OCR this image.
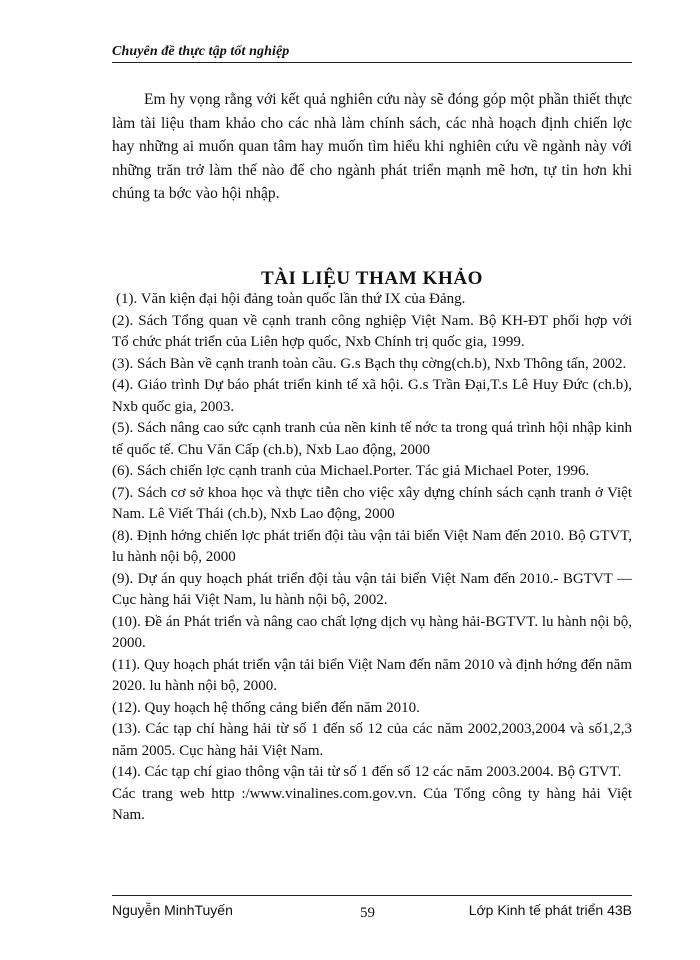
Chuyên đề thực tập tốt nghiệp

Em hy vọng rằng với kết quả nghiên cứu này sẽ đóng góp một phần thiết thực làm tài liệu tham khảo cho các nhà làm chính sách, các nhà hoạch định chiến lợc hay những ai muốn quan tâm hay muốn tìm hiểu khi nghiên cứu về ngành này với những trăn trở làm thế nào để cho ngành phát triển mạnh mẽ hơn, tự tin hơn khi chúng ta bớc vào hội nhập.

TÀI LIỆU THAM KHẢO
(1). Văn kiện đại hội đảng toàn quốc lần thứ IX của Đảng.
(2). Sách Tổng quan về cạnh tranh công nghiệp Việt Nam. Bộ KH-ĐT phối hợp với Tổ chức phát triển của Liên hợp quốc, Nxb Chính trị quốc gia, 1999.
(3). Sách Bàn về cạnh tranh toàn cầu. G.s Bạch thụ cờng(ch.b), Nxb Thông tấn, 2002.
(4). Giáo trình Dự báo phát triển kinh tế xã hội. G.s Trần Đại,T.s Lê Huy Đức (ch.b), Nxb quốc gia, 2003.
(5). Sách nâng cao sức cạnh tranh của nền kinh tế nớc ta trong quá trình hội nhập kinh tế quốc tế. Chu Văn Cấp (ch.b), Nxb Lao động, 2000
(6). Sách chiến lợc cạnh tranh của Michael.Porter. Tác giả Michael Poter, 1996.
(7). Sách cơ sở khoa học và thực tiễn cho việc xây dựng chính sách cạnh tranh ở Việt Nam. Lê Viết Thái (ch.b), Nxb Lao động, 2000
(8). Định hớng chiến lợc phát triển đội tàu vận tải biển Việt Nam đến 2010. Bộ GTVT, lu hành nội bộ, 2000
(9). Dự án quy hoạch phát triển đội tàu vận tải biển Việt Nam đến 2010.- BGTVT —Cục hàng hải Việt Nam, lu hành nội bộ, 2002.
(10). Đề án Phát triển và nâng cao chất lợng dịch vụ hàng hải-BGTVT. lu hành nội bộ, 2000.
(11). Quy hoạch phát triển vận tải biển Việt Nam đến năm 2010 và định hớng đến năm 2020. lu hành nội bộ, 2000.
(12). Quy hoạch hệ thống cảng biển đến năm 2010.
(13). Các tạp chí hàng hải từ số 1 đến số 12 của các năm 2002,2003,2004 và số1,2,3 năm 2005. Cục hàng hải Việt Nam.
(14). Các tạp chí giao thông vận tải từ số 1 đến số 12 các năm 2003.2004. Bộ GTVT.
Các trang web http :/www.vinalines.com.gov.vn. Của Tổng công ty hàng hải Việt Nam.
Nguyễn MinhTuyến	59	Lớp Kinh tế phát triển 43B
